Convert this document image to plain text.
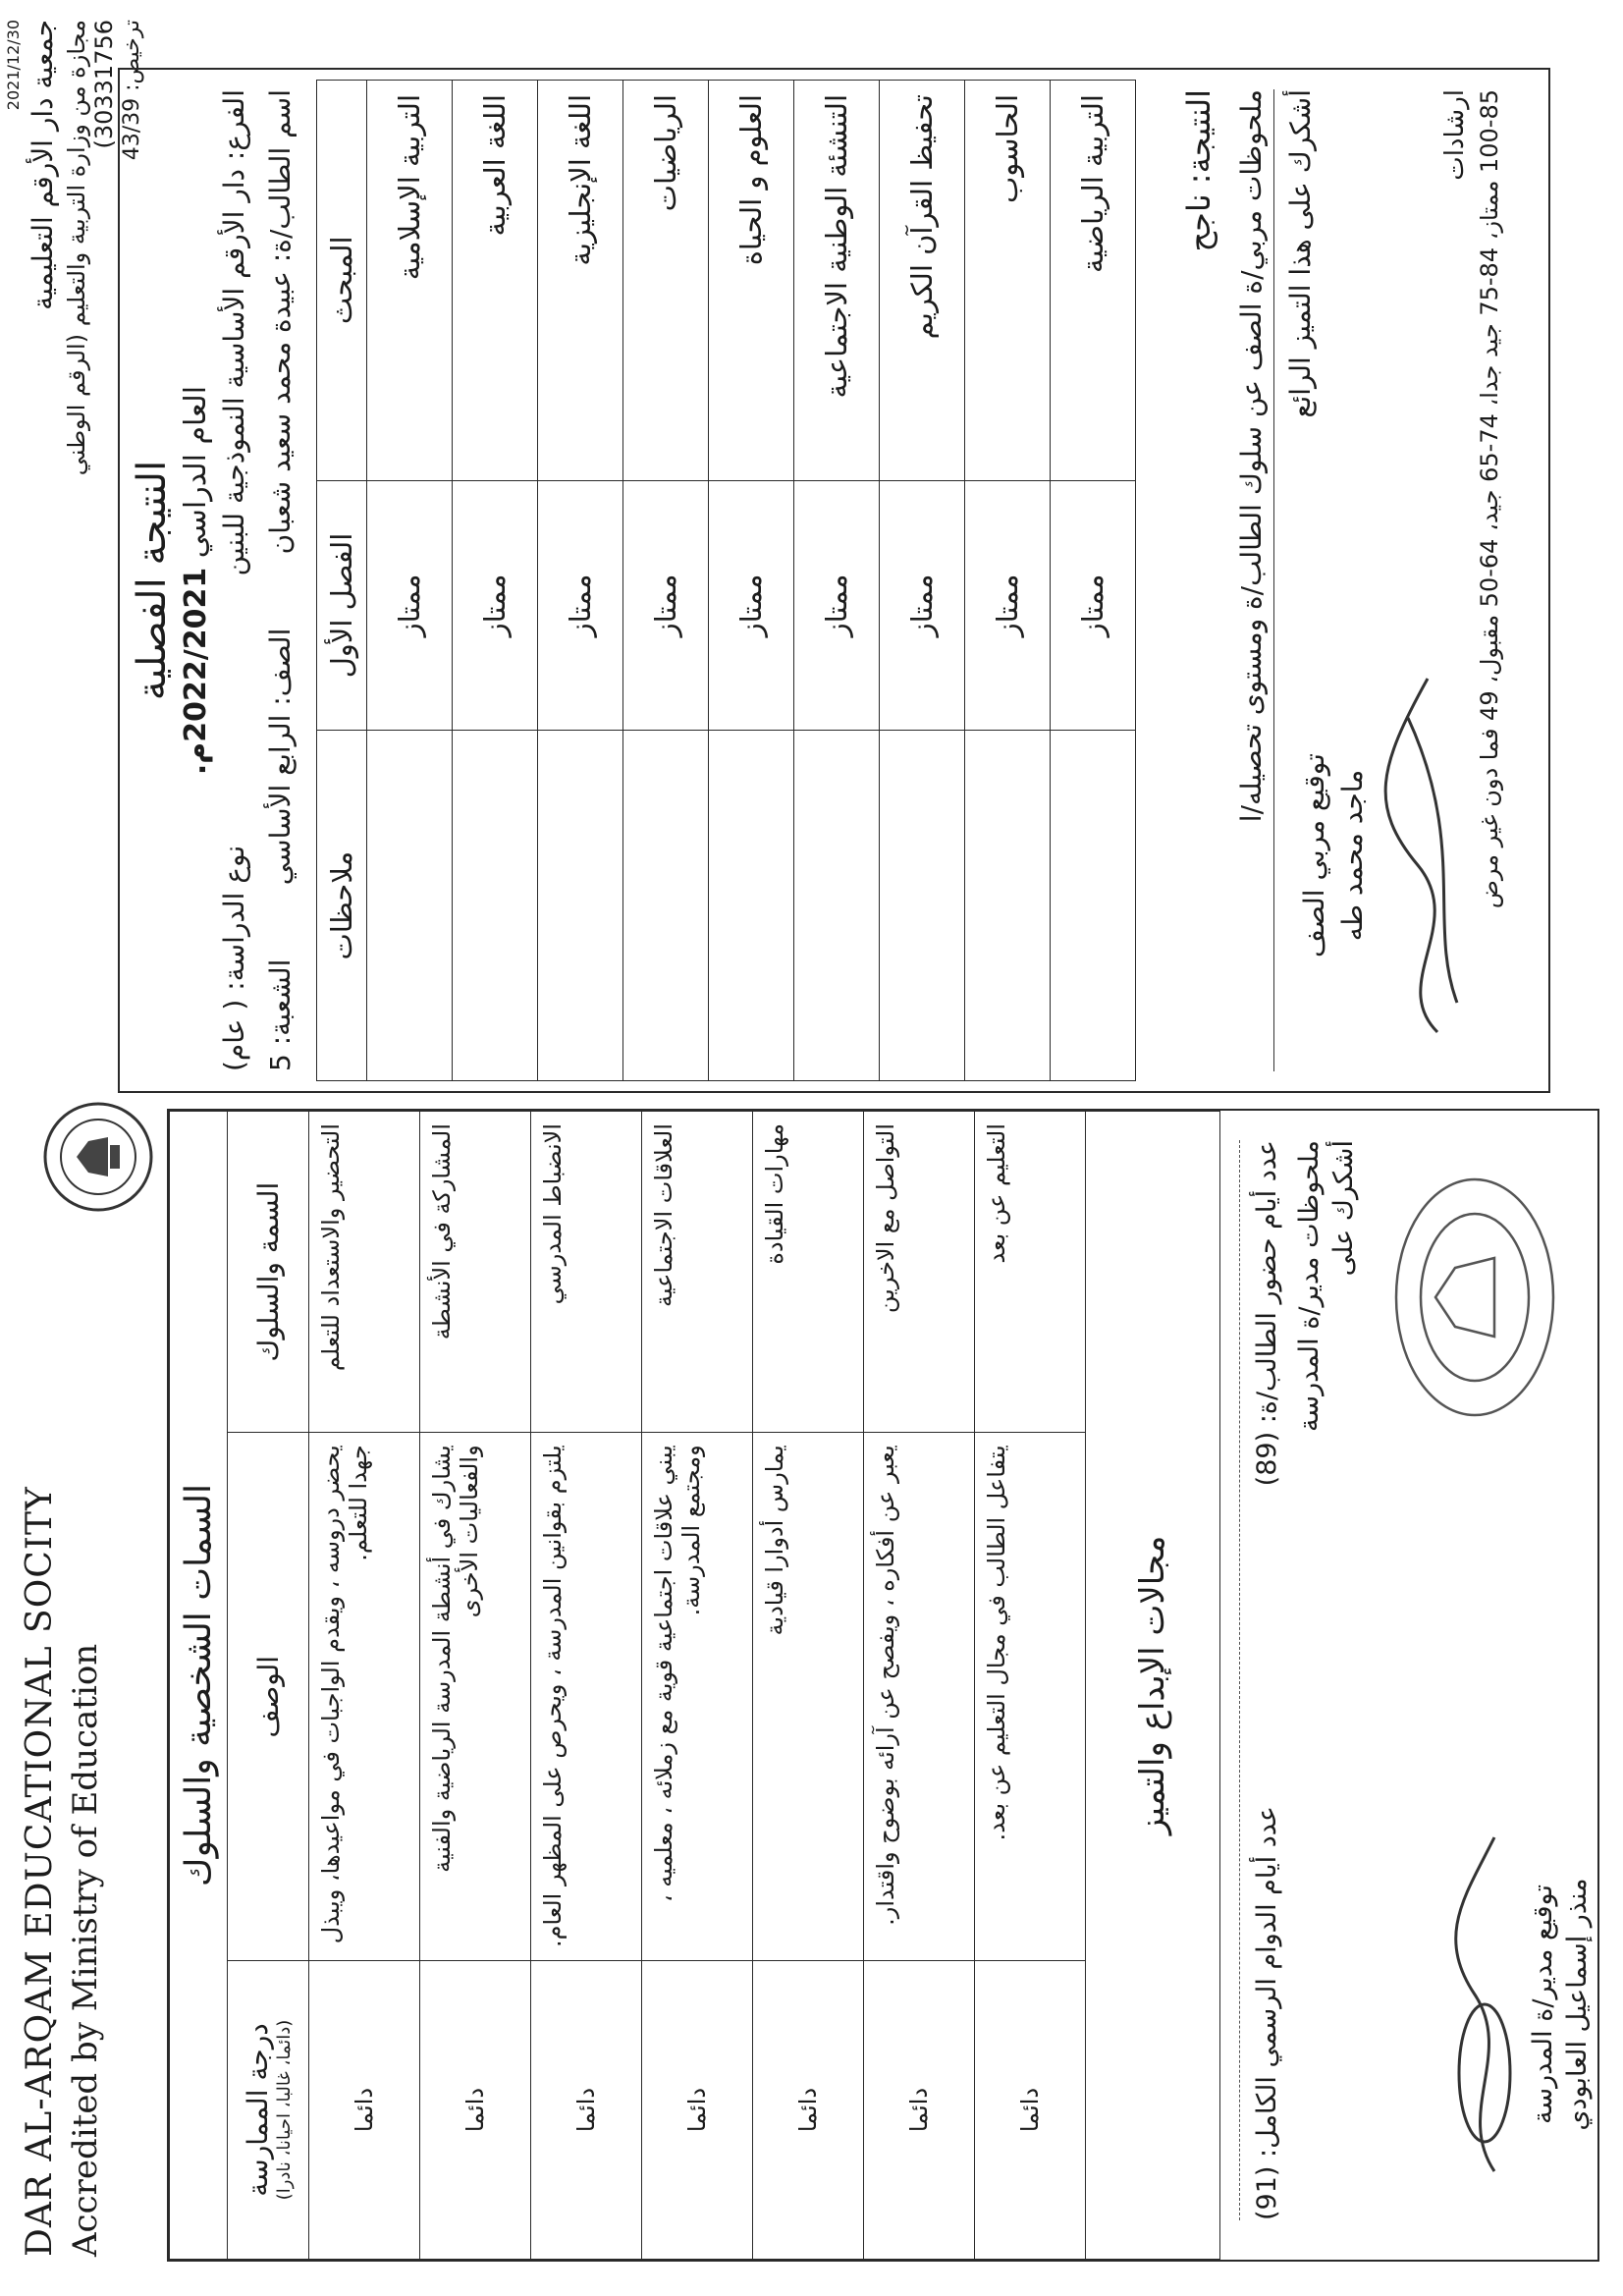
2021/12/30 جمعية دار الأرقم التعليمية مجازة من وزارة التربية والتعليم (الرقم الوطني 30331756) ترخيص: 43/39
DAR AL-ARQAM EDUCATIONAL SOCITY Accredited by Ministry of Education
النتيجة الفصلية العام الدراسي 2022/2021م.
الفرع: دار الأرقم الأساسية النموذجية للبنين
نوع الدراسة: ( عام)
اسم الطالب/ة: عبيدة محمد سعيد شعبان
الصف: الرابع الأساسي
الشعبة: 5
المبحث	الفصل الأول	ملاحظات
التربية الإسلامية	ممتاز	
اللغة العربية	ممتاز	
اللغة الإنجليزية	ممتاز	
الرياضيات	ممتاز	
العلوم و الحياة	ممتاز	
التنشئة الوطنية الاجتماعية	ممتاز	
تحفيظ القرآن الكريم	ممتاز	
الحاسوب	ممتاز	
التربية الرياضية	ممتاز	
النتيجة: ناجح ملحوظات مربي/ة الصف عن سلوك الطالب/ة ومستوى تحصيله/ا أشكرك على هذا التميز الرائع
توقيع مربي الصف ماجد محمد طه
ارشادات
100-85 ممتاز، 84-75 جيد جدا، 74-65 جيد، 64-50 مقبول، 49 فما دون غير مرض
السمات الشخصية والسلوك		
السمة والسلوك	الوصف	درجة الممارسة (دائما، غالبا، احيانا، نادرا)

التحضير والاستعداد للتعلم	يحضر دروسه ، ويقدم الواجبات في مواعيدها، ويبذل جهدا للتعلم.	دائما
المشاركة في الأنشطة	يشارك في أنشطة المدرسة الرياضية والفنية والفعاليات الأخرى	دائما
الانضباط المدرسي	يلتزم بقوانين المدرسة ، ويحرص على المظهر العام.	دائما
العلاقات الاجتماعية	يبني علاقات اجتماعية قوية مع زملائه ، معلميه ، ومجتمع المدرسة.	دائما
مهارات القيادة	يمارس أدوارا قيادية	دائما
التواصل مع الاخرين	يعبر عن أفكاره ، ويفصح عن آرائه بوضوح واقتدار.	دائما
التعليم عن بعد	يتفاعل الطالب في مجال التعليم عن بعد.	دائما
مجالات الإبداع والتميز		
عدد أيام حضور الطالب/ة: (89)
عدد أيام الدوام الرسمي الكامل: (91)
ملحوظات مدير/ة المدرسة أشكرك على
توقيع مدير/ة المدرسة منذر إسماعيل العابودي
